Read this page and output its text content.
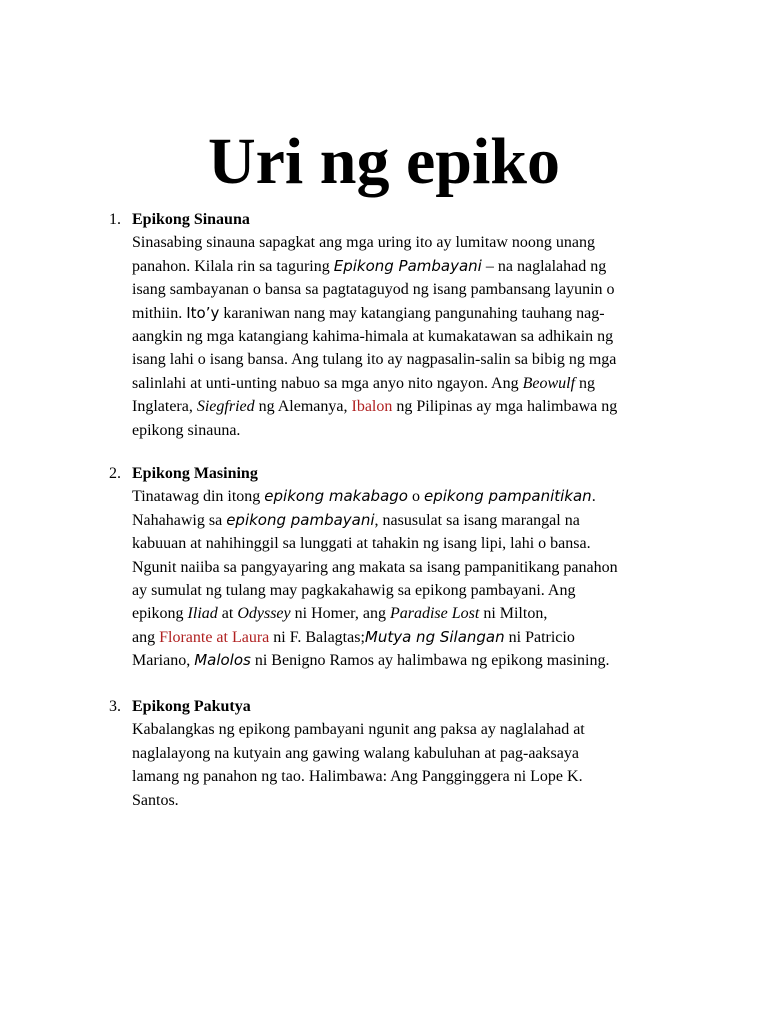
Uri ng epiko
1. Epikong Sinauna
Sinasabing sinauna sapagkat ang mga uring ito ay lumitaw noong unang
panahon. Kilala rin sa taguring Epikong Pambayani – na naglalahad ng
isang sambayanan o bansa sa pagtataguyod ng isang pambansang layunin o
mithiin. Ito’y karaniwan nang may katangiang pangunahing tauhang nag-
aangkin ng mga katangiang kahima-himala at kumakatawan sa adhikain ng
isang lahi o isang bansa. Ang tulang ito ay nagpasalin-salin sa bibig ng mga
salinlahi at unti-unting nabuo sa mga anyo nito ngayon. Ang Beowulf ng
Inglatera, Siegfried ng Alemanya, Ibalon ng Pilipinas ay mga halimbawa ng
epikong sinauna.
2. Epikong Masining
Tinatawag din itong epikong makabago o epikong pampanitikan.
Nahahawig sa epikong pambayani, nasusulat sa isang marangal na
kabuuan at nahihinggil sa lunggati at tahakin ng isang lipi, lahi o bansa.
Ngunit naiiba sa pangyayaring ang makata sa isang pampanitikang panahon
ay sumulat ng tulang may pagkakahawig sa epikong pambayani. Ang
epikong Iliad at Odyssey ni Homer, ang Paradise Lost ni Milton,
ang Florante at Laura ni F. Balagtas;Mutya ng Silangan ni Patricio
Mariano, Malolos ni Benigno Ramos ay halimbawa ng epikong masining.
3. Epikong Pakutya
Kabalangkas ng epikong pambayani ngunit ang paksa ay naglalahad at
naglalayong na kutyain ang gawing walang kabuluhan at pag-aaksaya
lamang ng panahon ng tao. Halimbawa: Ang Pangginggera ni Lope K.
Santos.
